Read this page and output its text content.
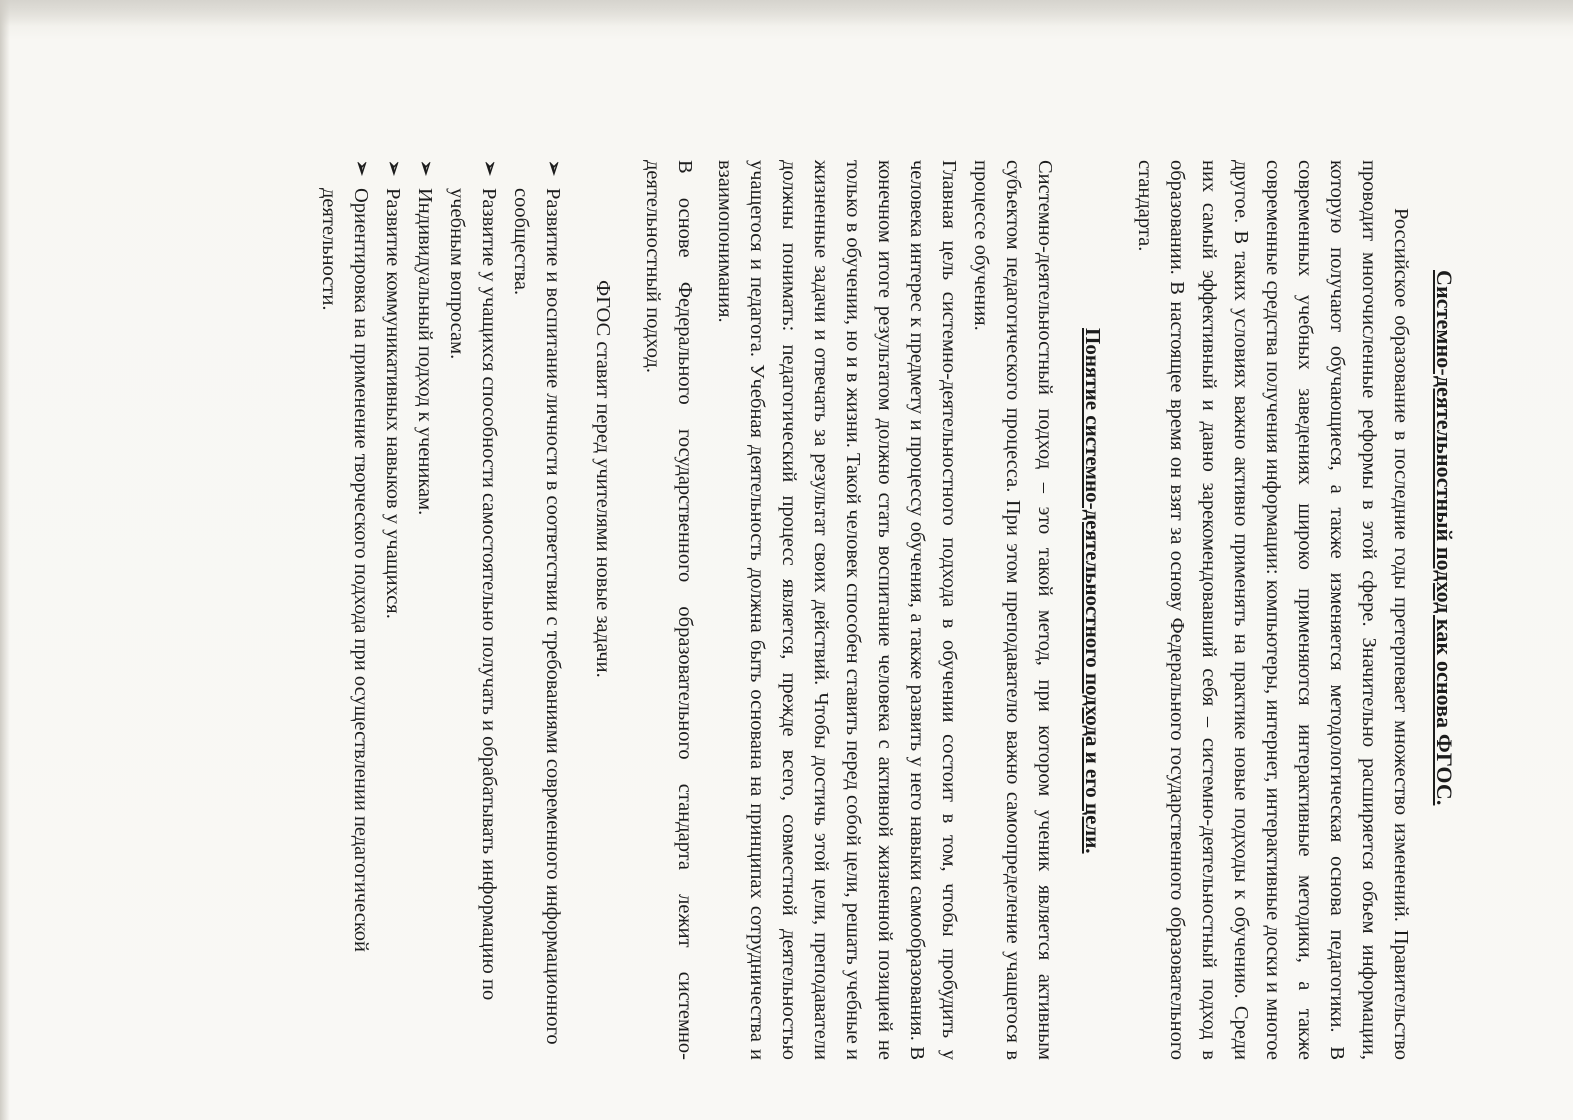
Системно-деятельностный подход как основа ФГОС.

Российское образование в последние годы претерпевает множество изменений. Правительство проводит многочисленные реформы в этой сфере. Значительно расширяется объем информации, которую получают обучающиеся, а также изменяется методологическая основа педагогики. В современных учебных заведениях широко применяются интерактивные методики, а также современные средства получения информации: компьютеры, интернет, интерактивные доски и многое другое. В таких условиях важно активно применять на практике новые подходы к обучению. Среди них самый эффективный и давно зарекомендовавший себя – системно-деятельностный подход в образовании. В настоящее время он взят за основу Федерального государственного образовательного стандарта.

Понятие системно-деятельностного подхода и его цели.

Системно-деятельностный подход – это такой метод, при котором ученик является активным субъектом педагогического процесса. При этом преподавателю важно самоопределение учащегося в процессе обучения.

Главная цель системно-деятельностного подхода в обучении состоит в том, чтобы пробудить у человека интерес к предмету и процессу обучения, а также развить у него навыки самообразования. В конечном итоге результатом должно стать воспитание человека с активной жизненной позицией не только в обучении, но и в жизни. Такой человек способен ставить перед собой цели, решать учебные и жизненные задачи и отвечать за результат своих действий. Чтобы достичь этой цели, преподаватели должны понимать: педагогический процесс является, прежде всего, совместной деятельностью учащегося и педагога. Учебная деятельность должна быть основана на принципах сотрудничества и взаимопонимания.

В основе Федерального государственного образовательного стандарта лежит системно-деятельностный подход.

ФГОС ставит перед учителями новые задачи.

➢
Развитие и воспитание личности в соответствии с требованиями современного информационного сообщества.
➢
Развитие у учащихся способности самостоятельно получать и обрабатывать информацию по учебным вопросам.
➢
Индивидуальный подход к ученикам.
➢
Развитие коммуникативных навыков у учащихся.
➢
Ориентировка на применение творческого подхода при осуществлении педагогической деятельности.
